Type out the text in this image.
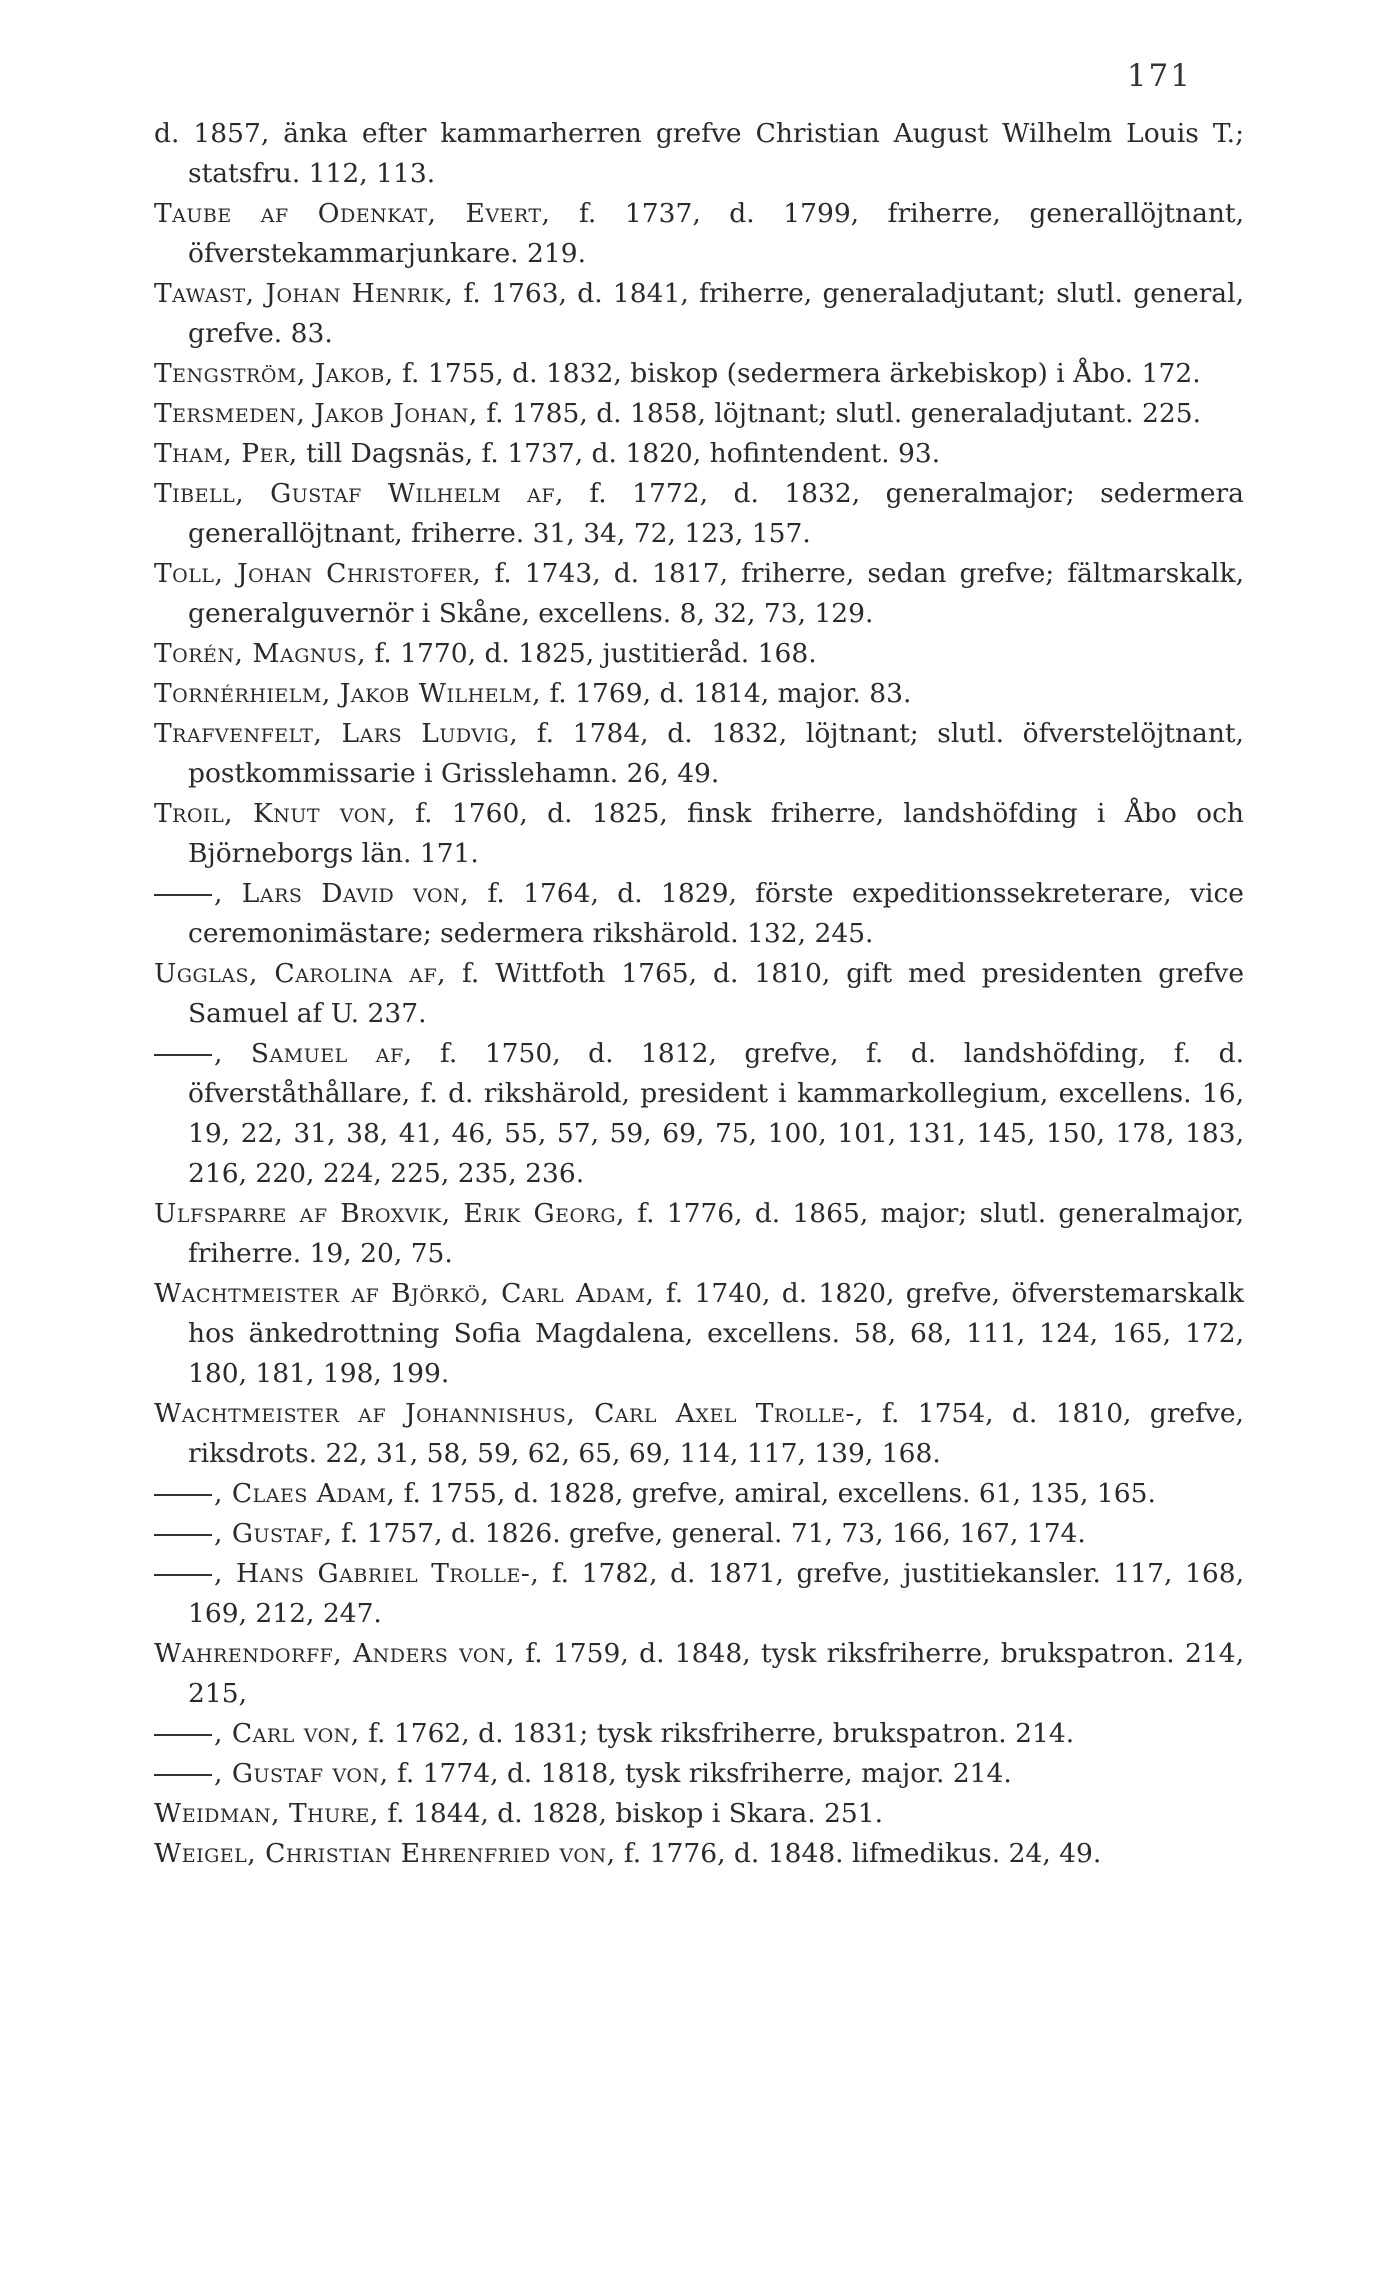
171

d. 1857, änka efter kammarherren grefve Christian August Wilhelm Louis T.; statsfru. 112, 113.

Taube af Odenkat, Evert, f. 1737, d. 1799, friherre, generallöjtnant, öfverstekammarjunkare. 219.

Tawast, Johan Henrik, f. 1763, d. 1841, friherre, generaladjutant; slutl. general, grefve. 83.

Tengström, Jakob, f. 1755, d. 1832, biskop (sedermera ärkebiskop) i Åbo. 172.

Tersmeden, Jakob Johan, f. 1785, d. 1858, löjtnant; slutl. generaladjutant. 225.

Tham, Per, till Dagsnäs, f. 1737, d. 1820, hofintendent. 93.

Tibell, Gustaf Wilhelm af, f. 1772, d. 1832, generalmajor; sedermera generallöjtnant, friherre. 31, 34, 72, 123, 157.

Toll, Johan Christofer, f. 1743, d. 1817, friherre, sedan grefve; fältmarskalk, generalguvernör i Skåne, excellens. 8, 32, 73, 129.

Torén, Magnus, f. 1770, d. 1825, justitieråd. 168.

Tornérhielm, Jakob Wilhelm, f. 1769, d. 1814, major. 83.

Trafvenfelt, Lars Ludvig, f. 1784, d. 1832, löjtnant; slutl. öfverstelöjtnant, postkommissarie i Grisslehamn. 26, 49.

Troil, Knut von, f. 1760, d. 1825, finsk friherre, landshöfding i Åbo och Björneborgs län. 171.

, Lars David von, f. 1764, d. 1829, förste expeditionssekreterare, vice ceremonimästare; sedermera rikshärold. 132, 245.

Ugglas, Carolina af, f. Wittfoth 1765, d. 1810, gift med presidenten grefve Samuel af U. 237.

, Samuel af, f. 1750, d. 1812, grefve, f. d. landshöfding, f. d. öfverståthållare, f. d. rikshärold, president i kammarkollegium, excellens. 16, 19, 22, 31, 38, 41, 46, 55, 57, 59, 69, 75, 100, 101, 131, 145, 150, 178, 183, 216, 220, 224, 225, 235, 236.

Ulfsparre af Broxvik, Erik Georg, f. 1776, d. 1865, major; slutl. generalmajor, friherre. 19, 20, 75.

Wachtmeister af Björkö, Carl Adam, f. 1740, d. 1820, grefve, öfverstemarskalk hos änkedrottning Sofia Magdalena, excellens. 58, 68, 111, 124, 165, 172, 180, 181, 198, 199.

Wachtmeister af Johannishus, Carl Axel Trolle-, f. 1754, d. 1810, grefve, riksdrots. 22, 31, 58, 59, 62, 65, 69, 114, 117, 139, 168.

, Claes Adam, f. 1755, d. 1828, grefve, amiral, excellens. 61, 135, 165.

, Gustaf, f. 1757, d. 1826. grefve, general. 71, 73, 166, 167, 174.

, Hans Gabriel Trolle-, f. 1782, d. 1871, grefve, justitiekansler. 117, 168, 169, 212, 247.

Wahrendorff, Anders von, f. 1759, d. 1848, tysk riksfriherre, brukspatron. 214, 215,

, Carl von, f. 1762, d. 1831; tysk riksfriherre, brukspatron. 214.

, Gustaf von, f. 1774, d. 1818, tysk riksfriherre, major. 214.

Weidman, Thure, f. 1844, d. 1828, biskop i Skara. 251.

Weigel, Christian Ehrenfried von, f. 1776, d. 1848. lifmedikus. 24, 49.
